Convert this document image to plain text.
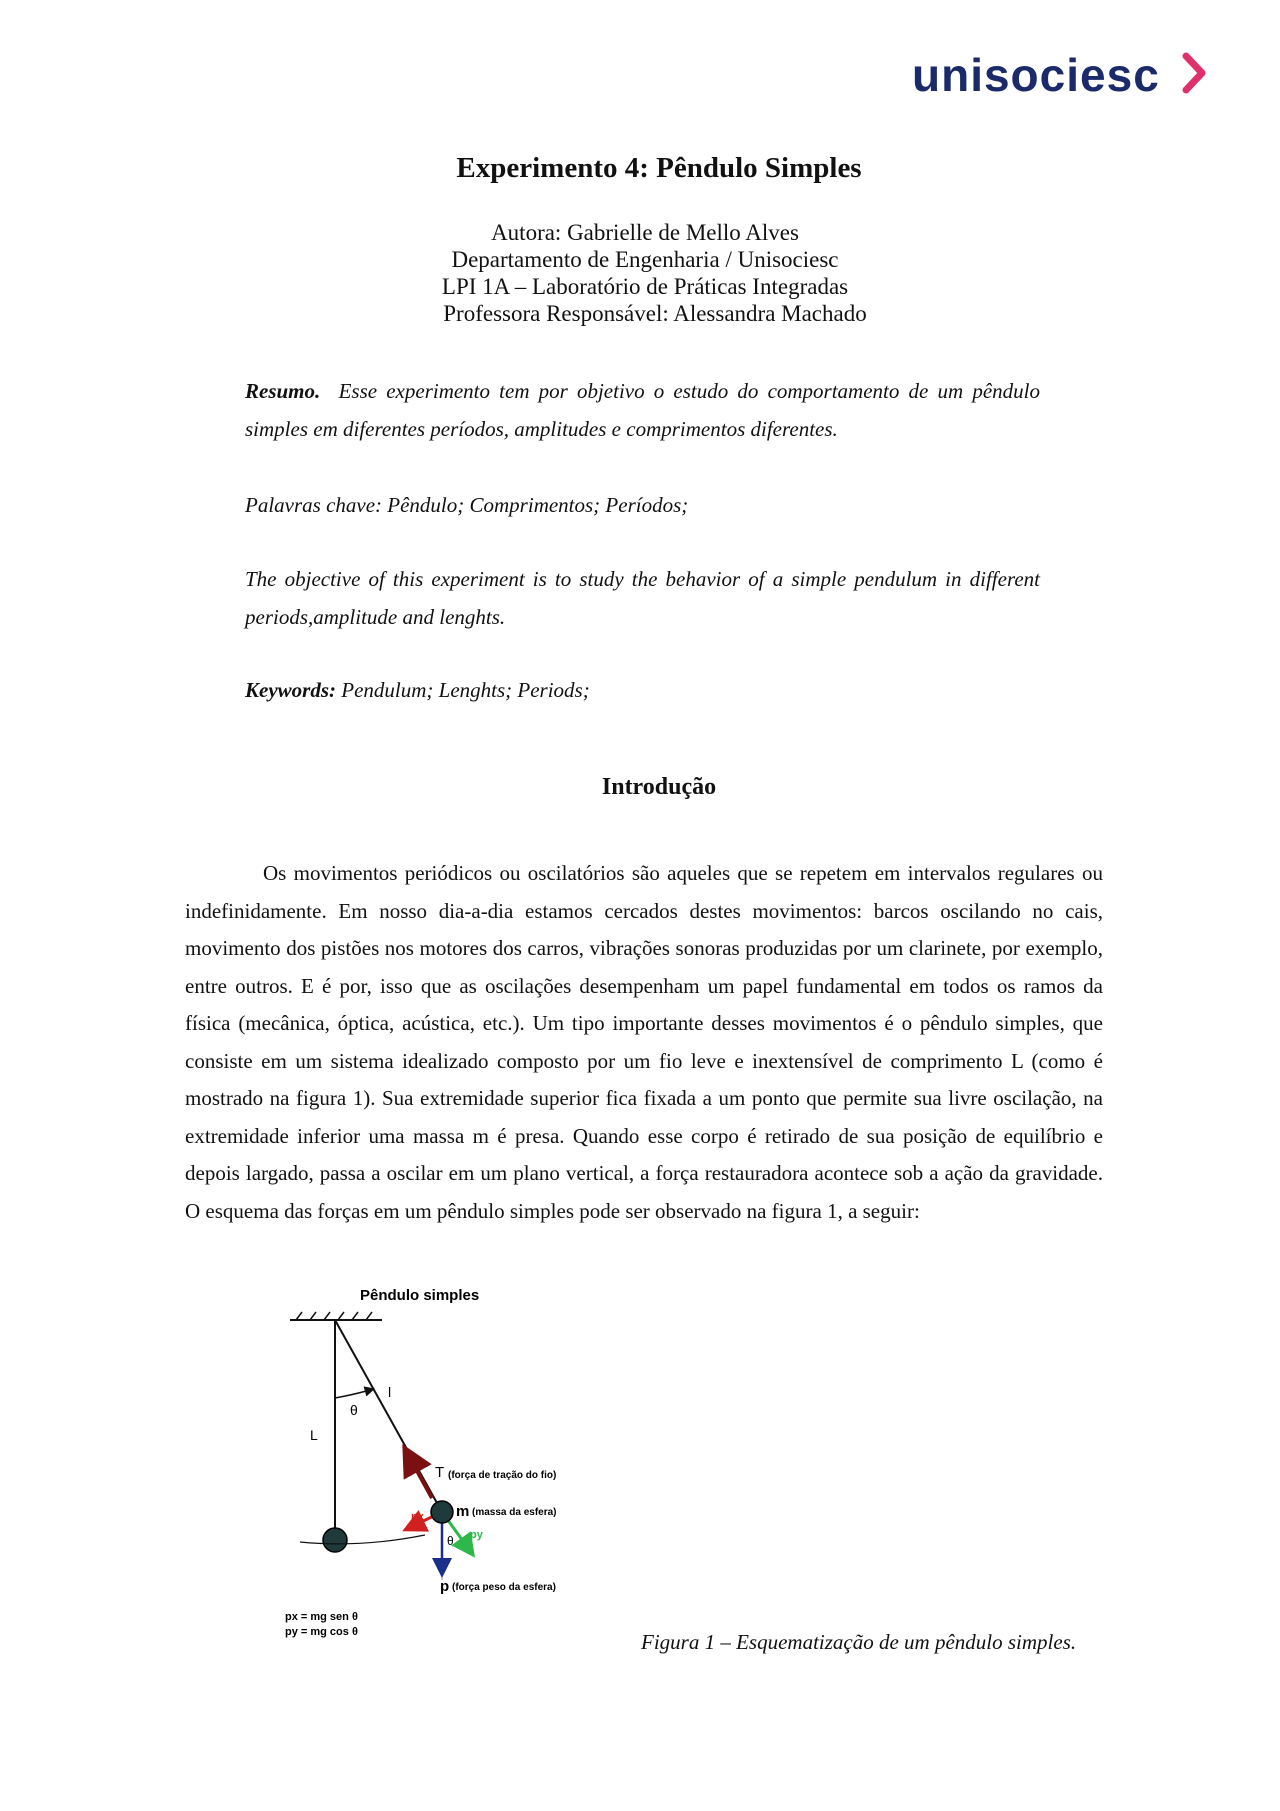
unisociesc
Experimento 4: Pêndulo Simples
Autora: Gabrielle de Mello Alves
Departamento de Engenharia / Unisociesc
LPI 1A – Laboratório de Práticas Integradas
Professora Responsável: Alessandra Machado
Resumo. Esse experimento tem por objetivo o estudo do comportamento de um pêndulo simples em diferentes períodos, amplitudes e comprimentos diferentes.
Palavras chave: Pêndulo; Comprimentos; Períodos;
The objective of this experiment is to study the behavior of a simple pendulum in different periods,amplitude and lenghts.
Keywords: Pendulum; Lenghts; Periods;
Introdução
Os movimentos periódicos ou oscilatórios são aqueles que se repetem em intervalos regulares ou indefinidamente. Em nosso dia-a-dia estamos cercados destes movimentos: barcos oscilando no cais, movimento dos pistões nos motores dos carros, vibrações sonoras produzidas por um clarinete, por exemplo, entre outros. E é por, isso que as oscilações desempenham um papel fundamental em todos os ramos da física (mecânica, óptica, acústica, etc.). Um tipo importante desses movimentos é o pêndulo simples, que consiste em um sistema idealizado composto por um fio leve e inextensível de comprimento L (como é mostrado na figura 1). Sua extremidade superior fica fixada a um ponto que permite sua livre oscilação, na extremidade inferior uma massa m é presa. Quando esse corpo é retirado de sua posição de equilíbrio e depois largado, passa a oscilar em um plano vertical, a força restauradora acontece sob a ação da gravidade. O esquema das forças em um pêndulo simples pode ser observado na figura 1, a seguir:
Pêndulo simples
L
l
θ
T (força de tração do fio)
m (massa da esfera)
px
py
θ
p (força peso da esfera)
px = mg sen θ
py = mg cos θ	Figura 1 – Esquematização de um pêndulo simples.
